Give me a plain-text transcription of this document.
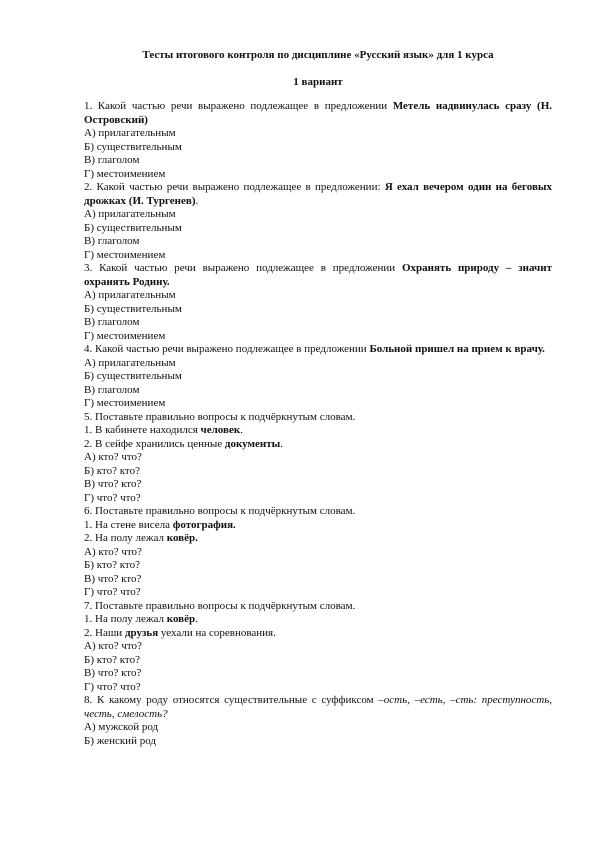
Тесты итогового контроля по дисциплине «Русский язык» для 1 курса

1 вариант

1. Какой частью речи выражено подлежащее в предложении Метель надвинулась сразу (Н. Островский)

А) прилагательным

Б) существительным

В) глаголом

Г) местоимением

2. Какой частью речи выражено подлежащее в предложении: Я ехал вечером один на беговых дрожках (И. Тургенев).

А) прилагательным

Б) существительным

В) глаголом

Г) местоимением

3. Какой частью речи выражено подлежащее в предложении Охранять природу – значит охранять Родину.

А) прилагательным

Б) существительным

В) глаголом

Г) местоимением

4. Какой частью речи выражено подлежащее в предложении Больной пришел на прием к врачу.

А) прилагательным

Б) существительным

В) глаголом

Г) местоимением

5. Поставьте правильно вопросы к подчёркнутым словам.

1. В кабинете находился человек.

2. В сейфе хранились ценные документы.

А) кто? что?

Б) кто? кто?

В) что? кто?

Г) что? что?

6. Поставьте правильно вопросы к подчёркнутым словам.

1. На стене висела фотография.

2. На полу лежал ковёр.

А) кто? что?

Б) кто? кто?

В) что? кто?

Г) что? что?

7. Поставьте правильно вопросы к подчёркнутым словам.

1. На полу лежал ковёр.

2. Наши друзья уехали на соревнования.

А) кто? что?

Б) кто? кто?

В) что? кто?

Г) что? что?

8. К какому роду относятся существительные с суффиксом –ость, –есть, –сть: преступность, честь, смелость?

А) мужской род

Б) женский род
